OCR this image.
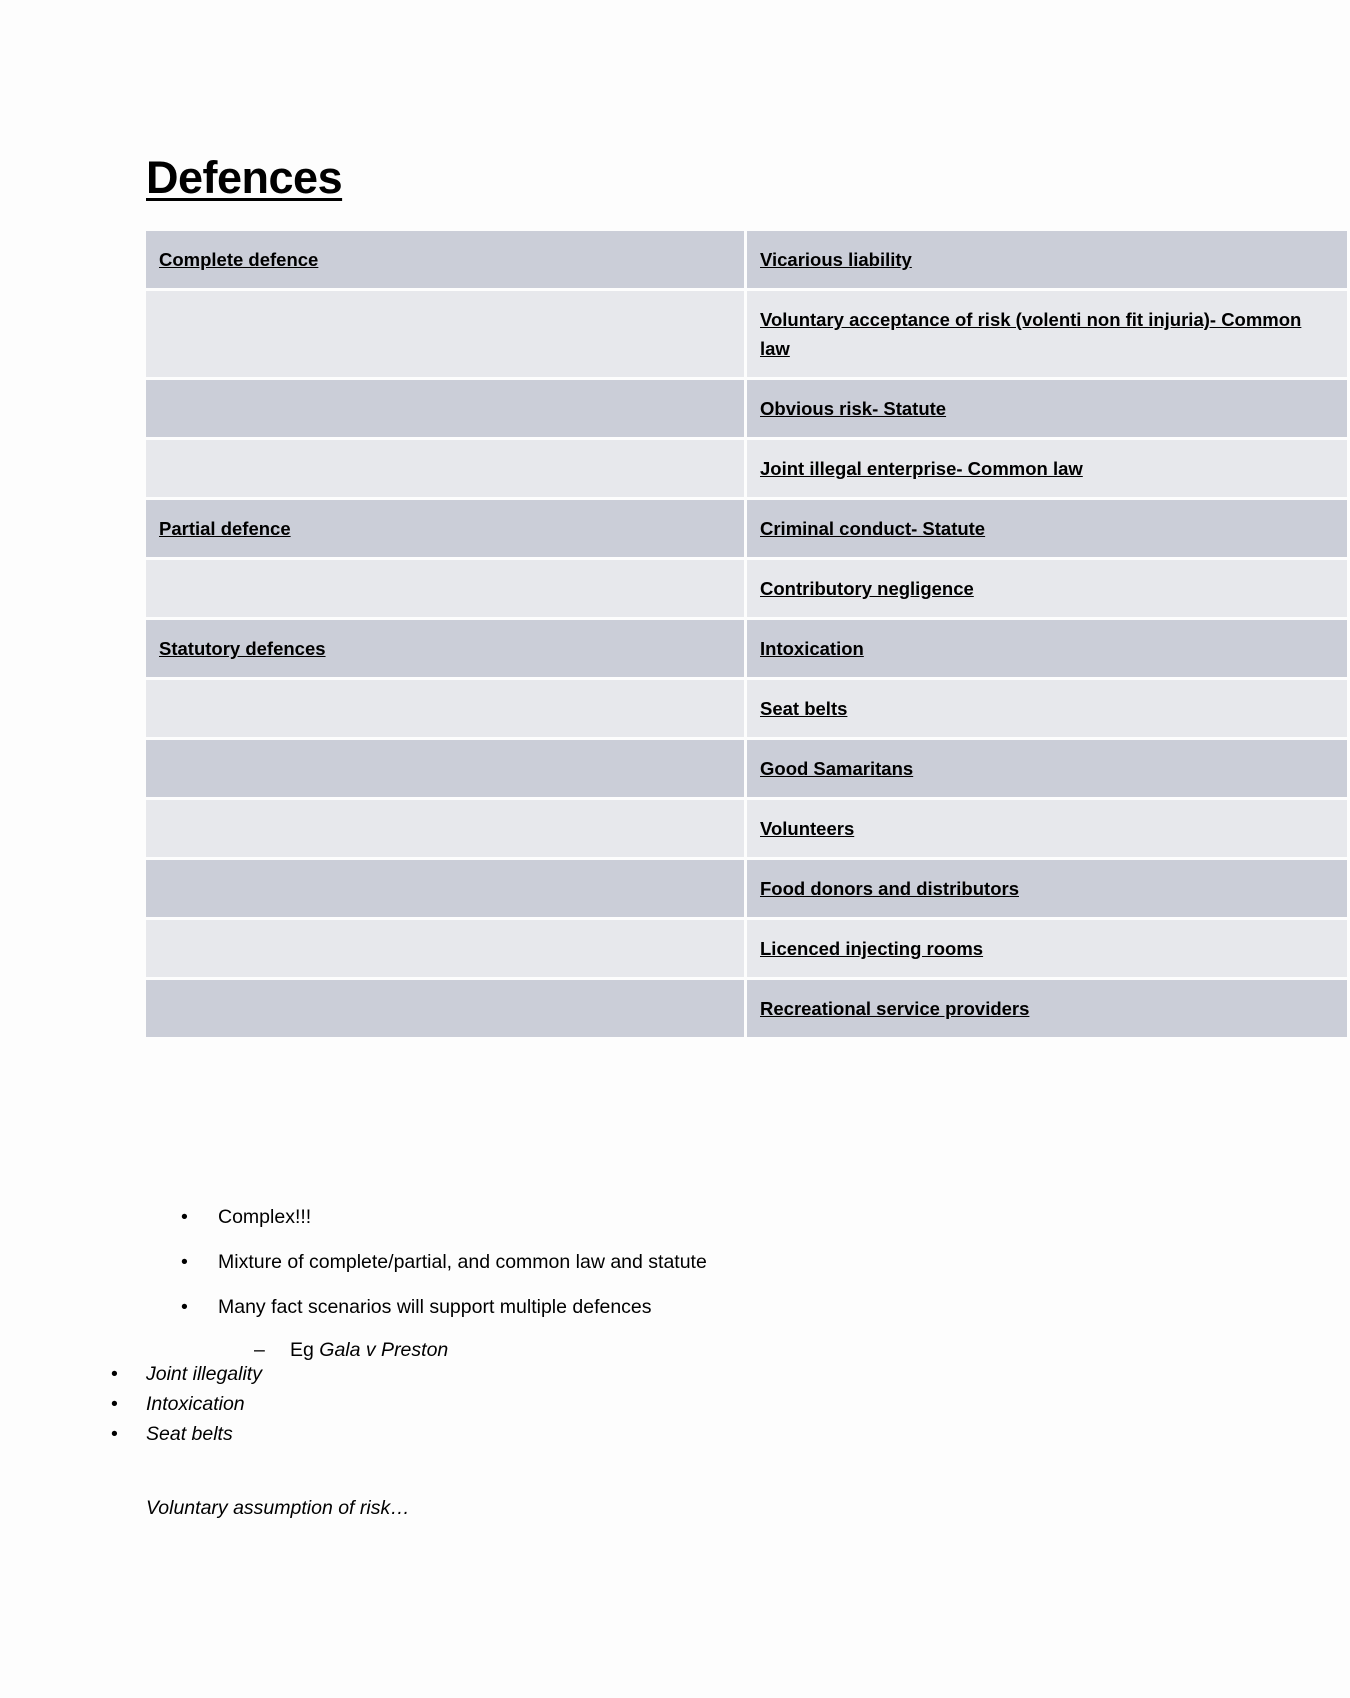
Defences
Complete defence	Vicarious liability
	Voluntary acceptance of risk (volenti non fit injuria)- Common law
	Obvious risk- Statute
	Joint illegal enterprise- Common law
Partial defence	Criminal conduct- Statute
	Contributory negligence
Statutory defences	Intoxication
	Seat belts
	Good Samaritans
	Volunteers
	Food donors and distributors
	Licenced injecting rooms
	Recreational service providers
• Complex!!!
• Mixture of complete/partial, and common law and statute
• Many fact scenarios will support multiple defences
– Eg Gala v Preston
• Joint illegality
• Intoxication
• Seat belts

Voluntary assumption of risk…
